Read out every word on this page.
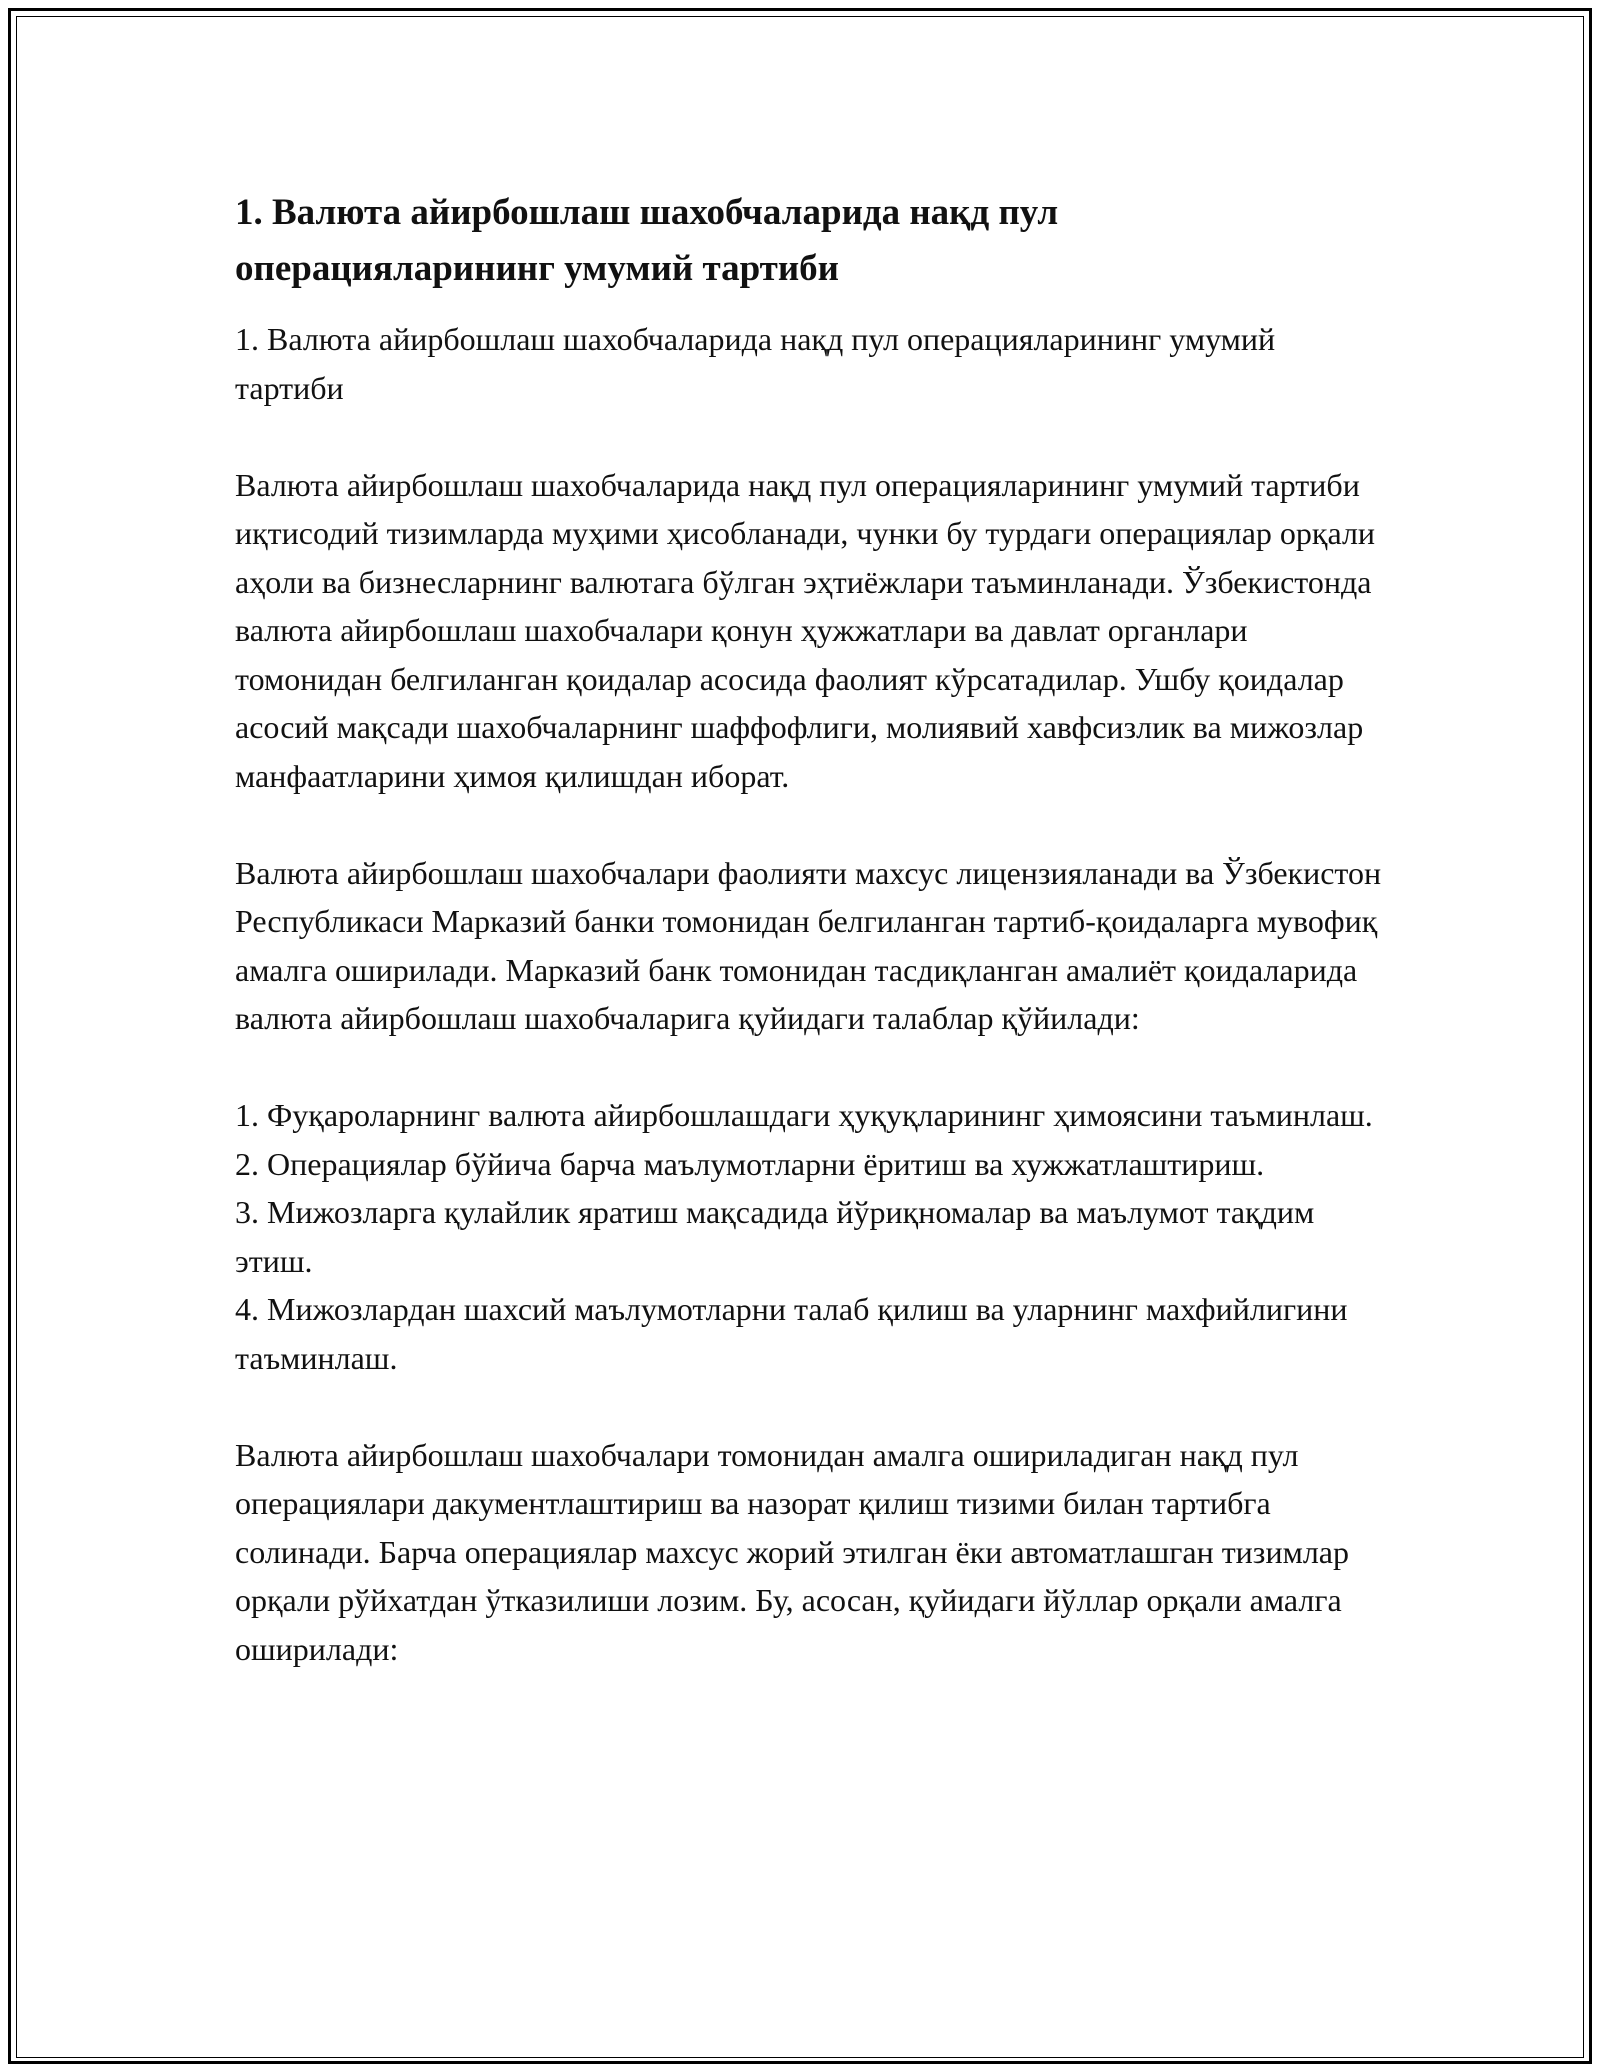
1. Валюта айирбошлаш шахобчаларида нақд пул операцияларининг умумий тартиби

1. Валюта айирбошлаш шахобчаларида нақд пул операцияларининг умумий тартиби

Валюта айирбошлаш шахобчаларида нақд пул операцияларининг умумий тартиби иқтисодий тизимларда муҳими ҳисобланади, чунки бу турдаги операциялар орқали аҳоли ва бизнесларнинг валютага бўлган эҳтиёжлари таъминланади. Ўзбекистонда валюта айирбошлаш шахобчалари қонун ҳужжатлари ва давлат органлари томонидан белгиланган қоидалар асосида фаолият кўрсатадилар. Ушбу қоидалар асосий мақсади шахобчаларнинг шаффофлиги, молиявий хавфсизлик ва мижозлар манфаатларини ҳимоя қилишдан иборат.

Валюта айирбошлаш шахобчалари фаолияти махсус лицензияланади ва Ўзбекистон Республикаси Марказий банки томонидан белгиланган тартиб-қоидаларга мувофиқ амалга оширилади. Марказий банк томонидан тасдиқланган амалиёт қоидаларида валюта айирбошлаш шахобчаларига қуйидаги талаблар қўйилади:

1. Фуқароларнинг валюта айирбошлашдаги ҳуқуқларининг ҳимоясини таъминлаш.
2. Операциялар бўйича барча маълумотларни ёритиш ва хужжатлаштириш.
3. Мижозларга қулайлик яратиш мақсадида йўриқномалар ва маълумот тақдим этиш.
4. Мижозлардан шахсий маълумотларни талаб қилиш ва уларнинг махфийлигини таъминлаш.

Валюта айирбошлаш шахобчалари томонидан амалга ошириладиган нақд пул операциялари дакументлаштириш ва назорат қилиш тизими билан тартибга солинади. Барча операциялар махсус жорий этилган ёки автоматлашган тизимлар орқали рўйхатдан ўтказилиши лозим. Бу, асосан, қуйидаги йўллар орқали амалга оширилади:
